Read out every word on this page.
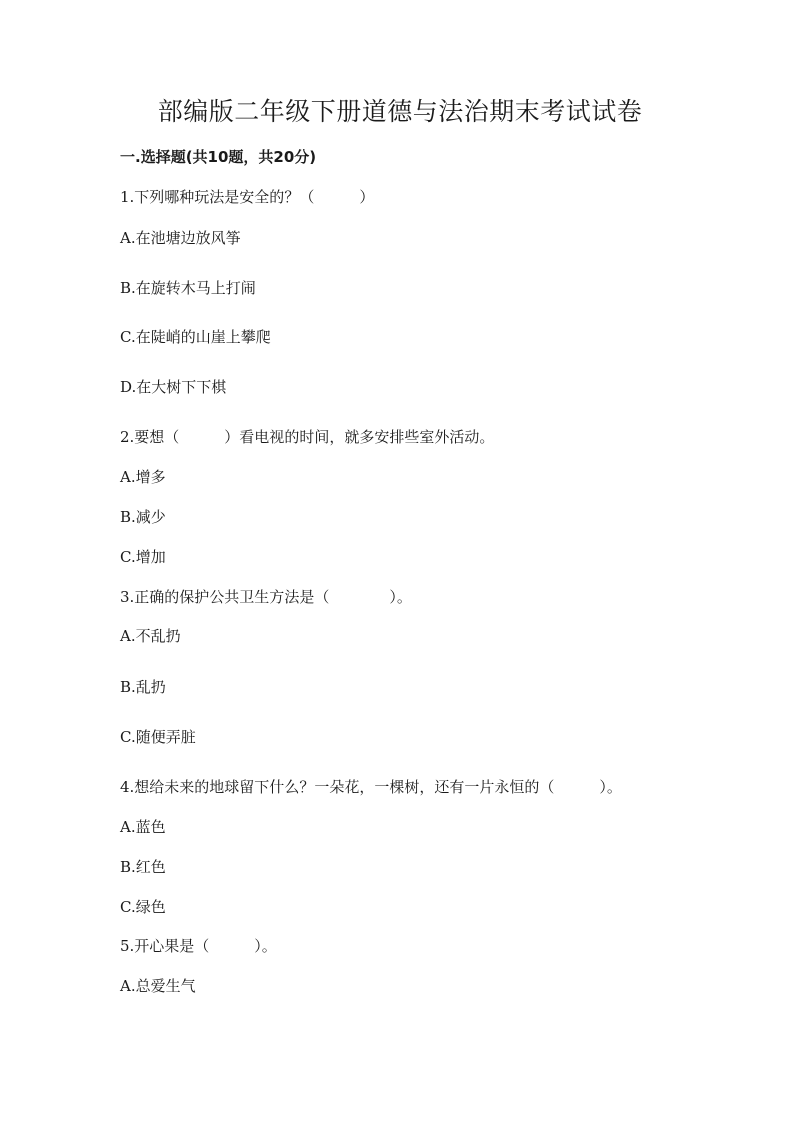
部编版二年级下册道德与法治期末考试试卷
一.选择题(共10题，共20分)
1.下列哪种玩法是安全的？（　　　）
A.在池塘边放风筝
B.在旋转木马上打闹
C.在陡峭的山崖上攀爬
D.在大树下下棋
2.要想（　　　）看电视的时间，就多安排些室外活动。
A.增多
B.减少
C.增加
3.正确的保护公共卫生方法是（　　　　）。
A.不乱扔
B.乱扔
C.随便弄脏
4.想给未来的地球留下什么？一朵花，一棵树，还有一片永恒的（　　　）。
A.蓝色
B.红色
C.绿色
5.开心果是（　　　）。
A.总爱生气
